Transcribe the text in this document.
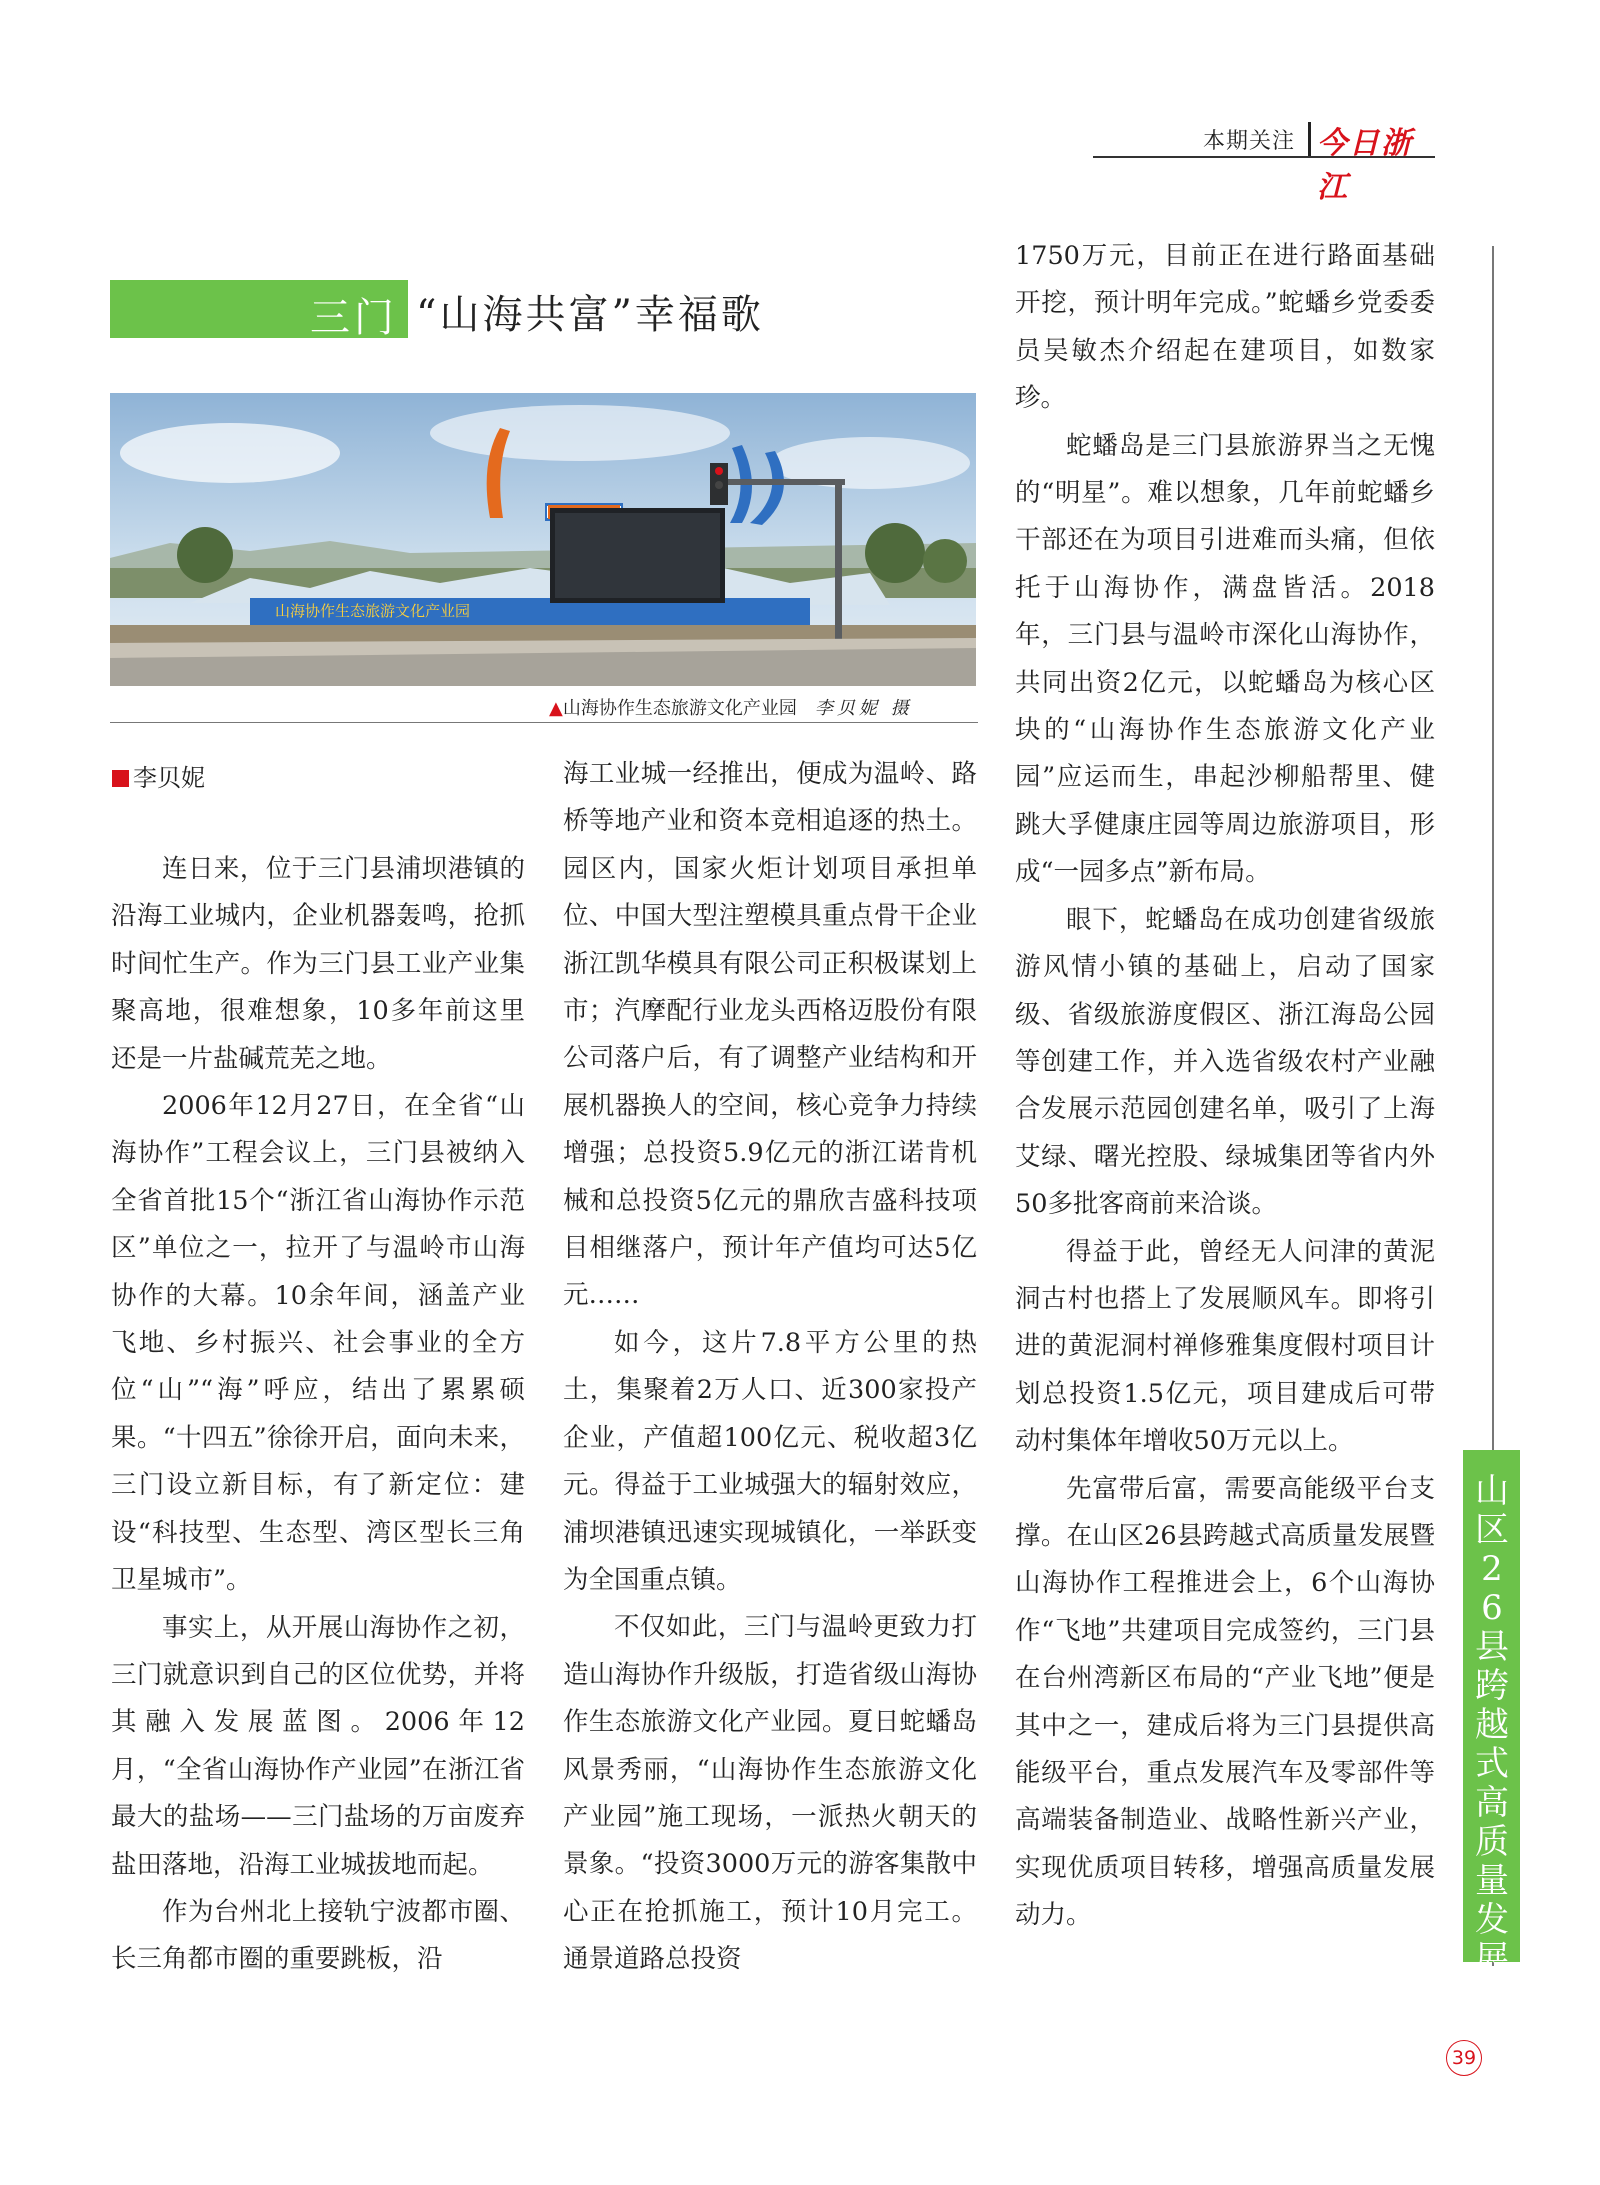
本期关注 今日浙江
三门 “山海共富”幸福歌
山海协作生态旅游文化产业园
▲山海协作生态旅游文化产业园 李贝妮 摄
李贝妮

连日来，位于三门县浦坝港镇的沿海工业城内，企业机器轰鸣，抢抓时间忙生产。作为三门县工业产业集聚高地，很难想象，10多年前这里还是一片盐碱荒芜之地。

2006年12月27日，在全省“山海协作”工程会议上，三门县被纳入全省首批15个“浙江省山海协作示范区”单位之一，拉开了与温岭市山海协作的大幕。10余年间，涵盖产业飞地、乡村振兴、社会事业的全方位“山”“海”呼应，结出了累累硕果。“十四五”徐徐开启，面向未来，三门设立新目标，有了新定位：建设“科技型、生态型、湾区型长三角卫星城市”。

事实上，从开展山海协作之初，三门就意识到自己的区位优势，并将其融入发展蓝图。2006年12月，“全省山海协作产业园”在浙江省最大的盐场——三门盐场的万亩废弃盐田落地，沿海工业城拔地而起。

作为台州北上接轨宁波都市圈、长三角都市圈的重要跳板，沿

海工业城一经推出，便成为温岭、路桥等地产业和资本竞相追逐的热土。园区内，国家火炬计划项目承担单位、中国大型注塑模具重点骨干企业浙江凯华模具有限公司正积极谋划上市；汽摩配行业龙头西格迈股份有限公司落户后，有了调整产业结构和开展机器换人的空间，核心竞争力持续增强；总投资5.9亿元的浙江诺肯机械和总投资5亿元的鼎欣吉盛科技项目相继落户，预计年产值均可达5亿元……

如今，这片7.8平方公里的热土，集聚着2万人口、近300家投产企业，产值超100亿元、税收超3亿元。得益于工业城强大的辐射效应，浦坝港镇迅速实现城镇化，一举跃变为全国重点镇。

不仅如此，三门与温岭更致力打造山海协作升级版，打造省级山海协作生态旅游文化产业园。夏日蛇蟠岛风景秀丽，“山海协作生态旅游文化产业园”施工现场，一派热火朝天的景象。“投资3000万元的游客集散中心正在抢抓施工，预计10月完工。通景道路总投资

1750万元，目前正在进行路面基础开挖，预计明年完成。”蛇蟠乡党委委员吴敏杰介绍起在建项目，如数家珍。

蛇蟠岛是三门县旅游界当之无愧的“明星”。难以想象，几年前蛇蟠乡干部还在为项目引进难而头痛，但依托于山海协作，满盘皆活。2018年，三门县与温岭市深化山海协作，共同出资2亿元，以蛇蟠岛为核心区块的“山海协作生态旅游文化产业园”应运而生，串起沙柳船帮里、健跳大孚健康庄园等周边旅游项目，形成“一园多点”新布局。

眼下，蛇蟠岛在成功创建省级旅游风情小镇的基础上，启动了国家级、省级旅游度假区、浙江海岛公园等创建工作，并入选省级农村产业融合发展示范园创建名单，吸引了上海艾绿、曙光控股、绿城集团等省内外50多批客商前来洽谈。

得益于此，曾经无人问津的黄泥洞古村也搭上了发展顺风车。即将引进的黄泥洞村禅修雅集度假村项目计划总投资1.5亿元，项目建成后可带动村集体年增收50万元以上。

先富带后富，需要高能级平台支撑。在山区26县跨越式高质量发展暨山海协作工程推进会上，6个山海协作“飞地”共建项目完成签约，三门县在台州湾新区布局的“产业飞地”便是其中之一，建成后将为三门县提供高能级平台，重点发展汽车及零部件等高端装备制造业、战略性新兴产业，实现优质项目转移，增强高质量发展动力。

山区26县跨越式高质量发展
39
